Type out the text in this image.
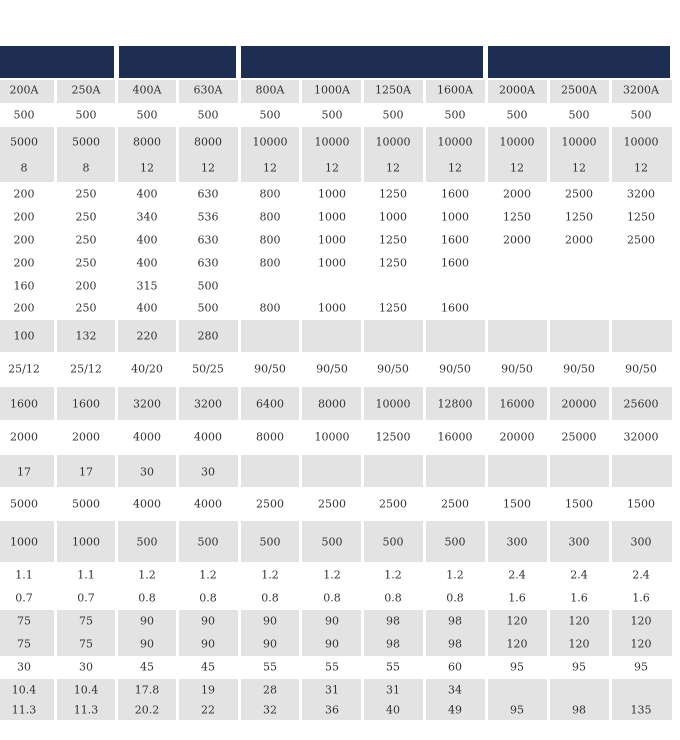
200A	250A	400A	630A	800A	1000A 1250A 1600A 2000A 2500A 3200A
500	500	500	500	500	500	500	500	500	500	500
5000	5000	8000	8000	10000 10000 10000 10000 10000 10000 10000
8	8	12	12	12	12	12	12	12	12	12
200	250	400	630	800	1000	1250	1600	2000	2500	3200
200	250	340	536	800	1000	1000	1000	1250	1250	1250
200	250	400	630	800	1000	1250	1600	2000	2000	2500
200	250	400	630	800	1000	1250	1600
160	200	315	500
200	250	400	500	800	1000	1250	1600
100	132	220	280
25/12	25/12	40/20	50/25	90/50	90/50	90/50	90/50	90/50	90/50	90/50
1600	1600	3200	3200	6400	8000	10000 12800 16000 20000 25600
2000	2000	4000	4000	8000	10000 12500 16000 20000 25000 32000
17	17	30	30
5000	5000	4000	4000	2500	2500	2500	2500	1500	1500	1500
1000	1000	500	500	500	500	500	500	300	300	300
1.1	1.1	1.2	1.2	1.2	1.2	1.2	1.2	2.4	2.4	2.4
0.7	0.7	0.8	0.8	0.8	0.8	0.8	0.8	1.6	1.6	1.6
75	75	90	90	90	90	98	98	120	120	120
75	75	90	90	90	90	98	98	120	120	120
30	30	45	45	55	55	55	60	95	95	95
10.4	10.4	17.8	19	28	31	31	34
11.3	11.3	20.2	22	32	36	40	49	95	98	135
